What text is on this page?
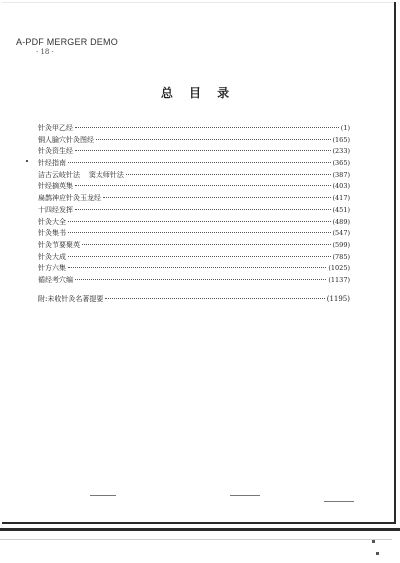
A-PDF MERGER DEMO
· 18 ·
总 目 录
针灸甲乙经	(1)
铜人腧穴针灸图经	(165)
针灸资生经	(233)
针经指南	(365)
洁古云岐针法    窦太师针法	(387)
针经摘英集	(403)
扁鹊神应针灸玉龙经	(417)
十四经发挥	(451)
针灸大全	(489)
针灸集书	(547)
针灸节要聚英	(599)
针灸大成	(785)
针方六集	(1025)
循经考穴编	(1137)
附:未收针灸名著提要	(1195)
